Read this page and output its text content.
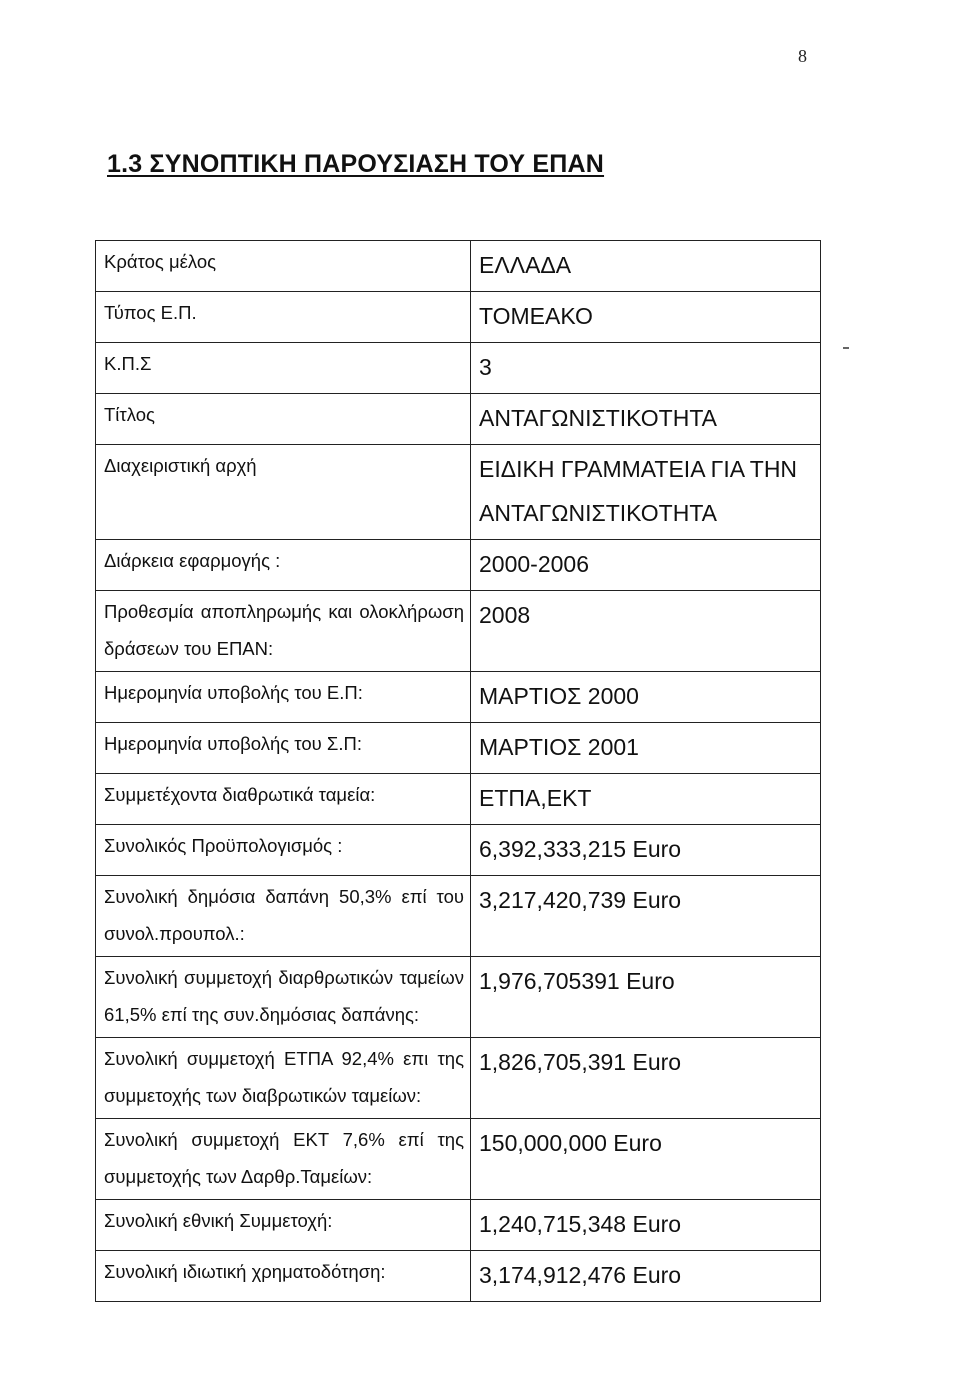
8
1.3 ΣΥΝΟΠΤΙΚΗ ΠΑΡΟΥΣΙΑΣΗ ΤΟΥ ΕΠΑΝ
Κράτος μέλος	ΕΛΛΑΔΑ
Τύπος Ε.Π.	ΤΟΜΕΑΚΟ
Κ.Π.Σ	3
Τίτλος	ΑΝΤΑΓΩΝΙΣΤΙΚΟΤΗΤΑ
Διαχειριστική αρχή	ΕΙΔΙΚΗ ΓΡΑΜΜΑΤΕΙΑ ΓΙΑ ΤΗΝ ΑΝΤΑΓΩΝΙΣΤΙΚΟΤΗΤΑ
Διάρκεια εφαρμογής :	2000-2006
Προθεσμία αποπληρωμής και ολοκλήρωση δράσεων του ΕΠΑΝ:	2008
Ημερομηνία υποβολής του Ε.Π:	ΜΑΡΤΙΟΣ 2000
Ημερομηνία υποβολής του Σ.Π:	ΜΑΡΤΙΟΣ 2001
Συμμετέχοντα διαθρωτικά ταμεία:	ΕΤΠΑ,ΕΚΤ
Συνολικός Προϋπολογισμός :	6,392,333,215 Euro
Συνολική δημόσια δαπάνη 50,3% επί του συνολ.προυπολ.:	3,217,420,739 Euro
Συνολική συμμετοχή διαρθρωτικών ταμείων 61,5% επί της συν.δημόσιας δαπάνης:	1,976,705391 Euro
Συνολική συμμετοχή ΕΤΠΑ 92,4% επι της συμμετοχής των διαβρωτικών ταμείων:	1,826,705,391 Euro
Συνολική συμμετοχή ΕΚΤ 7,6% επί της συμμετοχής των Δαρθρ.Ταμείων:	150,000,000 Euro
Συνολική εθνική Συμμετοχή:	1,240,715,348 Euro
Συνολική ιδιωτική χρηματοδότηση:	3,174,912,476 Euro
